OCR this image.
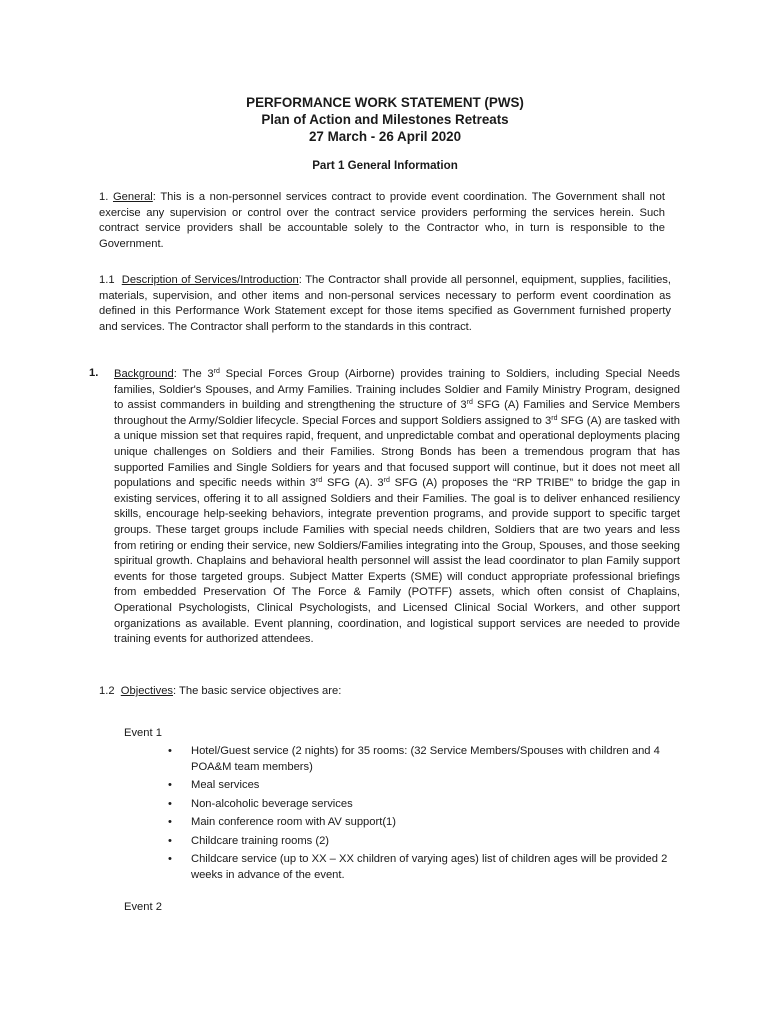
PERFORMANCE WORK STATEMENT (PWS)
Plan of Action and Milestones Retreats
27 March - 26 April 2020
Part 1 General Information

1. General: This is a non-personnel services contract to provide event coordination. The Government shall not exercise any supervision or control over the contract service providers performing the services herein. Such contract service providers shall be accountable solely to the Contractor who, in turn is responsible to the Government.

1.1 Description of Services/Introduction: The Contractor shall provide all personnel, equipment, supplies, facilities, materials, supervision, and other items and non-personal services necessary to perform event coordination as defined in this Performance Work Statement except for those items specified as Government furnished property and services. The Contractor shall perform to the standards in this contract.

1. Background: The 3rd Special Forces Group (Airborne) provides training to Soldiers, including Special Needs families, Soldier's Spouses, and Army Families. Training includes Soldier and Family Ministry Program, designed to assist commanders in building and strengthening the structure of 3rd SFG (A) Families and Service Members throughout the Army/Soldier lifecycle. Special Forces and support Soldiers assigned to 3rd SFG (A) are tasked with a unique mission set that requires rapid, frequent, and unpredictable combat and operational deployments placing unique challenges on Soldiers and their Families. Strong Bonds has been a tremendous program that has supported Families and Single Soldiers for years and that focused support will continue, but it does not meet all populations and specific needs within 3rd SFG (A). 3rd SFG (A) proposes the “RP TRIBE” to bridge the gap in existing services, offering it to all assigned Soldiers and their Families. The goal is to deliver enhanced resiliency skills, encourage help-seeking behaviors, integrate prevention programs, and provide support to specific target groups. These target groups include Families with special needs children, Soldiers that are two years and less from retiring or ending their service, new Soldiers/Families integrating into the Group, Spouses, and those seeking spiritual growth. Chaplains and behavioral health personnel will assist the lead coordinator to plan Family support events for those targeted groups. Subject Matter Experts (SME) will conduct appropriate professional briefings from embedded Preservation Of The Force & Family (POTFF) assets, which often consist of Chaplains, Operational Psychologists, Clinical Psychologists, and Licensed Clinical Social Workers, and other support organizations as available. Event planning, coordination, and logistical support services are needed to provide training events for authorized attendees.

1.2 Objectives: The basic service objectives are:

Event 1
• Hotel/Guest service (2 nights) for 35 rooms: (32 Service Members/Spouses with children and 4 POA&M team members)
• Meal services
• Non-alcoholic beverage services
• Main conference room with AV support(1)
• Childcare training rooms (2)
• Childcare service (up to XX – XX children of varying ages) list of children ages will be provided 2 weeks in advance of the event.
Event 2
